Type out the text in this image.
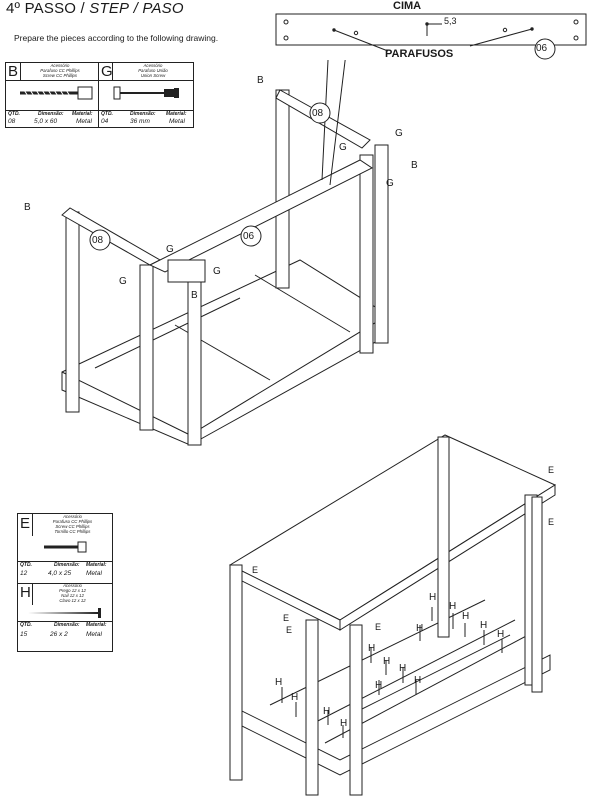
4º PASSO / STEP / PASO
Prepare the pieces according to the following drawing.
CIMA
5,3
PARAFUSOS	06
B	Acessório
Parafuso CC Phillips
Screw CC Phillips
QTD.	Dimensão: Material:
08	5,0 x 60	Metal
G	Acessório
Parafuso União
Union Screw
QTD.	Dimensão: Material:
04	36 mm	Metal
08
08	06
B
B
B
B
G
G
G
G
G
G
E	Acessório
Parafuso CC Phillips
Screw CC Phillips
Tornillo CC Phillips
QTD.	Dimensão: Material:
12	4,0 x 25 Metal
H	Acessório
Prego 12 x 12
Nail 12 x 12
Clavo 12 x 12
QTD.	Dimensão: Material:
15	26 x 2	Metal
H
H
H
H
H
H
H
H
H
H
H
H
H
H
H
E
E
E
E
E	E
